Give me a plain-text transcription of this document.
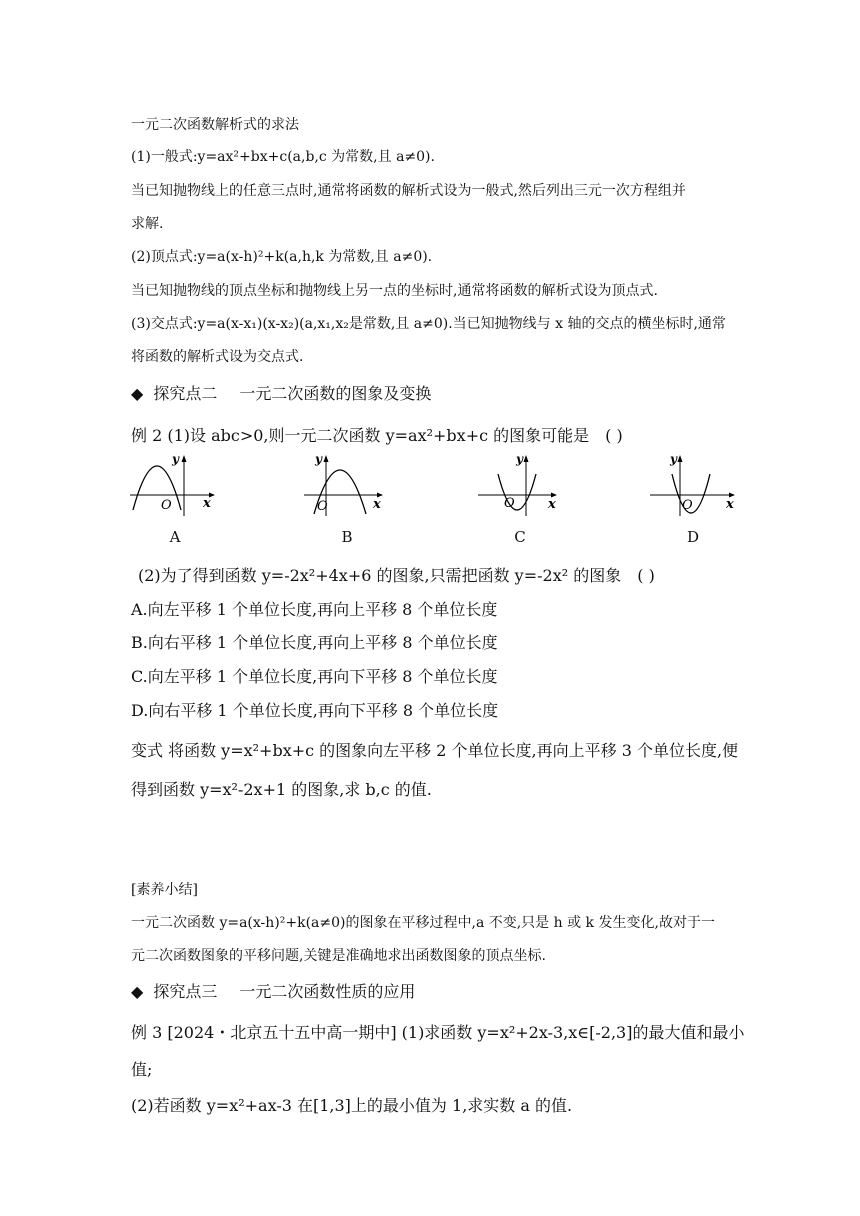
一元二次函数解析式的求法
(1)一般式:y=ax²+bx+c(a,b,c 为常数,且 a≠0).
当已知抛物线上的任意三点时,通常将函数的解析式设为一般式,然后列出三元一次方程组并
求解.
(2)顶点式:y=a(x-h)²+k(a,h,k 为常数,且 a≠0).
当已知抛物线的顶点坐标和抛物线上另一点的坐标时,通常将函数的解析式设为顶点式.
(3)交点式:y=a(x-x₁)(x-x₂)(a,x₁,x₂是常数,且 a≠0).当已知抛物线与 x 轴的交点的横坐标时,通常
将函数的解析式设为交点式.
◆ 探究点二 一元二次函数的图象及变换
例 2 (1)设 abc>0,则一元二次函数 y=ax²+bx+c 的图象可能是 ( )
y
O x
A
y
O	x
B
y
O	x
C
y
O	x
D
(2)为了得到函数 y=-2x²+4x+6 的图象,只需把函数 y=-2x² 的图象 ( )
A.向左平移 1 个单位长度,再向上平移 8 个单位长度
B.向右平移 1 个单位长度,再向上平移 8 个单位长度
C.向左平移 1 个单位长度,再向下平移 8 个单位长度
D.向右平移 1 个单位长度,再向下平移 8 个单位长度
变式 将函数 y=x²+bx+c 的图象向左平移 2 个单位长度,再向上平移 3 个单位长度,便
得到函数 y=x²-2x+1 的图象,求 b,c 的值.
[素养小结]
一元二次函数 y=a(x-h)²+k(a≠0)的图象在平移过程中,a 不变,只是 h 或 k 发生变化,故对于一
元二次函数图象的平移问题,关键是准确地求出函数图象的顶点坐标.
◆ 探究点三 一元二次函数性质的应用
例 3 [2024・北京五十五中高一期中] (1)求函数 y=x²+2x-3,x∈[-2,3]的最大值和最小
值;
(2)若函数 y=x²+ax-3 在[1,3]上的最小值为 1,求实数 a 的值.
